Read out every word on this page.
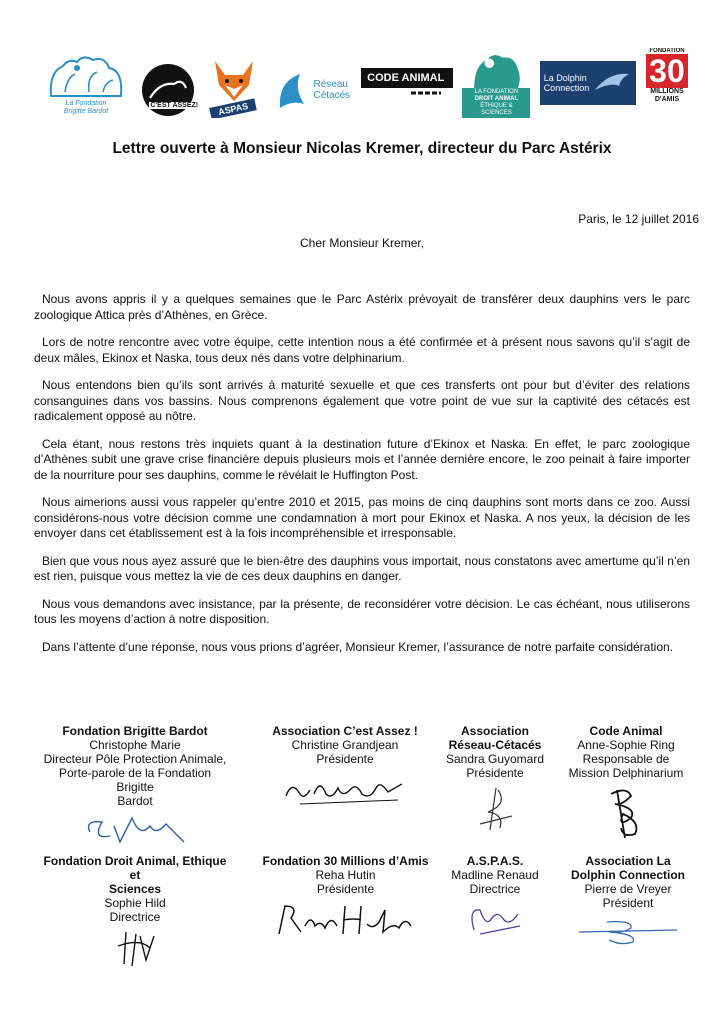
La Fondation
Brigitte Bardot
C'EST ASSEZ!	ASPAS
Réseau
Cétacés
CODE ANIMAL
LA FONDATION
DROIT ANIMAL
ÉTHIQUE & SCIENCES
La Dolphin
Connection
FONDATION
30
MILLIONS
D'AMIS
Lettre ouverte à Monsieur Nicolas Kremer, directeur du Parc Astérix
Paris, le 12 juillet 2016
Cher Monsieur Kremer,

Nous avons appris il y a quelques semaines que le Parc Astérix prévoyait de transférer deux dauphins vers le parc zoologique Attica près d’Athènes, en Grèce.

Lors de notre rencontre avec votre équipe, cette intention nous a été confirmée et à présent nous savons qu’il s’agit de deux mâles, Ekinox et Naska, tous deux nés dans votre delphinarium.

Nous entendons bien qu’ils sont arrivés à maturité sexuelle et que ces transferts ont pour but d’éviter des relations consanguines dans vos bassins. Nous comprenons également que votre point de vue sur la captivité des cétacés est radicalement opposé au nôtre.

Cela étant, nous restons très inquiets quant à la destination future d’Ekinox et Naska. En effet, le parc zoologique d’Athènes subit une grave crise financière depuis plusieurs mois et l’année dernière encore, le zoo peinait à faire importer de la nourriture pour ses dauphins, comme le révélait le Huffington Post.

Nous aimerions aussi vous rappeler qu’entre 2010 et 2015, pas moins de cinq dauphins sont morts dans ce zoo. Aussi considérons-nous votre décision comme une condamnation à mort pour Ekinox et Naska. A nos yeux, la décision de les envoyer dans cet établissement est à la fois incompréhensible et irresponsable.

Bien que vous nous ayez assuré que le bien-être des dauphins vous importait, nous constatons avec amertume qu’il n’en est rien, puisque vous mettez la vie de ces deux dauphins en danger.

Nous vous demandons avec insistance, par la présente, de reconsidérer votre décision. Le cas échéant, nous utiliserons tous les moyens d’action à notre disposition.

Dans l’attente d’une réponse, nous vous prions d’agréer, Monsieur Kremer, l’assurance de notre parfaite considération.

Fondation Brigitte Bardot
Christophe Marie
Directeur Pôle Protection Animale,
Porte-parole de la Fondation Brigitte
Bardot
Association C’est Assez !
Christine Grandjean
Présidente
Association
Réseau-Cétacés
Sandra Guyomard
Présidente
Code Animal
Anne-Sophie Ring
Responsable de
Mission Delphinarium
Fondation Droit Animal, Ethique et
Sciences
Sophie Hild
Directrice
Fondation 30 Millions d’Amis
Reha Hutin
Présidente
A.S.P.A.S.
Madline Renaud
Directrice
Association La
Dolphin Connection
Pierre de Vreyer
Président
